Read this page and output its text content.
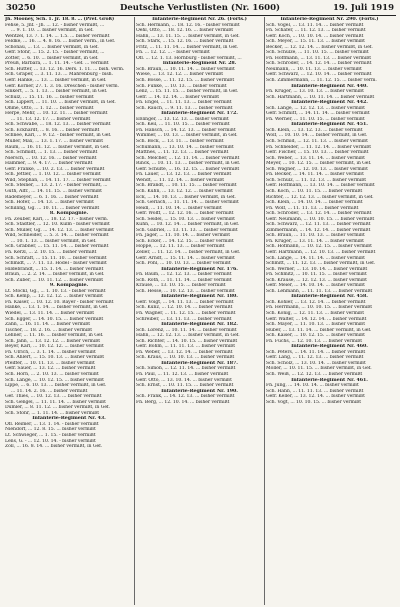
30250	Deutsche Verlustlisten (Nr. 1600)	19. Juli 1919
Jh. Mooney, Sch. 1. Jr. 18. 8. ... (Pref. Groß)
Fehse, 5. Jnf. - Jh. ... 12. - bisher vermißt, ...
... 9. 1. 10. ... bisher vermißt, in Gef.
Wentzel, 13. 7. 1. 14. ... 1.5. ... bisher vermißt
Feldke, ... 16. ... 4. 8. 16. ... bisher verm., in Gef.
Schönau, ... 13. ... bisher vermißt, in Gef.
Gefr. Stöhr, ... 15. 2. 15. - bisher vermißt, ...
Zotter, ... 6. 10. ... bisher vermißt, in Gef.
Preuß, Barbara, ... 1. 11. 14. - Gef. ... vermißt
Sch. Hutter, ... 13. 12. 16. Ders. 1. 11. ... bish. verm.
Sch. Gräper, ... 3. 11. 13. ... Mährenburg - bish.
Gefr. Hanke, ... 13. ... bisher vermißt, in Gef.
Gefr. Körner, 27. 1. 3. 16. Dreschen - bisher verm.
Sinkert, ... 5. 1. 13. ... bisher vermißt, in Gef.
Schulz, ... 15. 11. 16. ... bisher vermißt
Sch. Lippert, ... 11. 10. ... bisher vermißt, in Gef.
Ohme, Otto, ... 1. 12. ... bisher vermißt
Herpe, Mehr, ... 10. 12. 11. ... bisher vermißt
... 11. 13. 12. 17. ... bisher vermißt
Sch. Schwabe, ... 18. 12. 13. ... bisher vermißt
Sch. Eckhardt, ... 8. 16. ... bisher vermißt
Schnee, Karl, ... 9. 12. - bisher vermißt, in Gef.
Müller, Max, ... 13. 1. 17. ... bisher vermißt
Raum, ... 16. 11. 12. ... bisher vermißt, in Gef.
Sch. Schmidt, ... 1. 13. ... bisher vermißt
Niersch, ... 10. 12. 16. ... bisher vermißt
Hammer, ... 9. 4. 17. ... bisher vermißt
Gefr. Franke, ... 10. 2. 13. ... bisher vermißt
Sch. Jettler, ... 1. 10. 12. ... bisher vermißt
Wild, Stephan, ... 14. 11. 17. ... bisher vermißt
Sch. Steiner, ... 13. 2. 17. - bisher vermißt, ...
Guth, Alfr., ... 14. 11. 15. ... bisher vermißt
Rademeyer, ... 6. 1. 16. ... bisher vermißt
Sch. Höfer, ... 14. 13. ... bisher vermißt
Schilling, Gg. ... 10. 11. ... bisher vermißt
8. Kompagnie.
Fh. Zeuber, Karl, ... 18. 12. 17. - bisher verm.
Sch. Stadtler, ... 12. 10. Kulm - bisher vermißt
Sch. Müller, Gg. ... 14. 12. 13. ... bisher vermißt
Wild, Schneider, ... 5. 3. 14. ... bisher vermißt
... 10. 1. 13. ... bisher vermißt, in Gef.
Sch. Gräbner, ... 15. 11. 14. ... bisher vermißt
Fh. Kerzl, ... 2. 10. 15. ... bisher vermißt
Sch. Schraft, ... 15. 11. 10. ... bisher vermißt
Schmidt, ... 7. 11. 13. Hodel - bisher vermißt
Hildebrandt, ... 15. 1. 14. ... bisher vermißt
Braun, ... 2. 2. 14. ... bisher vermißt, in Gef.
Sch. Zuber, ... 10. 11. 12. ... bisher vermißt
9. Kompagnie.
Lt. Stöckl, Gg., ... 1. 10. 13. - bisher vermißt
Sch. Kemp, ... 12. 12. 12. ... bisher vermißt
Fh. Kaiser, ... 10. 12. 10. Bayer - bisher vermißt
Hanke, ... 13. 1. 14. ... bisher vermißt, in Gef.
Wiedel, ... 13. 11. 14. ... bisher vermißt
Sch. Egger, ... 14. 10. 15. ... bisher vermißt
Zahn, ... 16. 11. 14. ... bisher vermißt
Tischer, ... 18. 2. 16. ... bisher vermißt
Lehner, ... 11. 16. ... bisher vermißt, in Gef.
Sch. Jahn, ... 13. 12. 12. ... bisher vermißt
Beyer, Karl, ... 10. 12. 12. ... bisher vermißt
Fh. Ulrich, ... 3. 1. 14. ... bisher vermißt
Sch. Ahlert, ... 15. 10. 13. ... bisher vermißt
Pfeiffer, ... 10. 11. 13. ... bisher vermißt
Gefr. Sauer, ... 13. 12. ... bisher vermißt
Sch. Horn, ... 2. 10. 13. ... bisher vermißt
Sch. Lange, ... 10. 12. 15. ... bisher vermißt
Lippe, ... 6. 10. 13. ... bisher vermißt, in Gef.
... 11. 14. 2. 16. ... bisher vermißt
Gef. Thies, ... 10. 12. 13. ... bisher vermißt
Sch. Gengel, ... 11. 11. 14. ... bisher vermißt
Dümler, ... 8. 11. 12. ... bisher vermißt, in Gef.
Sch. Stöhr, ... 1. 11. 14. ... bisher vermißt
Infanterie-Regiment Nr. 43.
Ofl. Reimer, ... 13. 1. 14. - bisher vermißt
Niendorf, ... 12. 8. 15. ... bisher vermißt
Lt. Schwieger, ... 1. 15. - bisher vermißt
Lens, G. - ... 12. 10. 14. - bisher vermißt
Zoll, ... 16. 8. 14. ... bisher vermißt, in Gef.
Infanterie-Regiment Nr. 26. (Forts.)
Sch. Hermann, ... 18. 12. 16. - bisher vermißt
Oehl, Otto, ... 18. 12. 16. ... bisher vermißt
Hahn, ... 13. 11. 15. ... bisher vermißt, in Gef.
Sch. Stark, ... 15. 12. 16. ... bisher vermißt
Fritz, ... 11. 11. 14. ... bisher vermißt, in Gef.
Fh. ... 12. 12. ... - bisher vermißt
Ofl. ... 12. 1. 13. Hornburg - bisher vermißt, ...
Infanterie-Regiment Nr. 28.
Sch. Braun, ... 10. 11. 14. ... bisher vermißt
Wiese, ... 13. 12. 12. ... bisher vermißt
Sch. Bosse, ... 11. 12. 15. ... bisher vermißt
Sch. Funke, ... 10. 13. ... bisher vermißt
Lenz, ... 15. 11. 15. ... bisher vermißt, in Gef.
Gefr. ... 14. 12. 14. ... bisher vermißt
Fh. Engel, ... 11. 11. 13. ... bisher vermißt
Sch. Rauch, ... 9. 11. 13. ... bisher vermißt
Infanterie-Regiment Nr. 172.
Eßlinger, ... 13. 12. 13. ... bisher vermißt
Sch. Keil, ... 11. 10. 15. ... bisher vermißt
Fh. Hänsch, ... 14. 12. 13. ... bisher vermißt
Wimmer, ... 10. 13. ... bisher vermißt, in Gef.
Sch. Bock, ... 13. 11. ... bisher vermißt
Schumann, ... 13. 10. 14. ... bisher vermißt
Matthes, ... 11. 12. 13. ... bisher vermißt
Sch. Melcher, ... 12. 11. 14. ... bisher vermißt
Rinck, ... 10. 11. 13. ... bisher vermißt, in Gef.
Gefr. Schulte, ... 16. 12. 15. ... bisher vermißt
Fh. Lauer, ... 13. 12. 13. ... bisher vermißt
Wendt, ... 11. 12. 14. ... bisher vermißt
Sch. Brandt, ... 10. 11. 15. ... bisher vermißt
Sch. Kühn, ... 13. 12. 12. ... bisher vermißt
Eck, ... 14. 10. 13. ... bisher vermißt, in Gef.
Sch. Gerlach, ... 11. 11. 14. ... bisher vermißt
Heidl, ... 11. 10. 14. ... bisher vermißt
Gefr. Wolff, ... 12. 12. 16. ... bisher vermißt
Sch. Seidel, ... 15. 10. 13. ... bisher vermißt
Kuhn, ... 10. 12. 14. ... bisher vermißt, in Gef.
Sch. Gabriel, ... 13. 11. 13. ... bisher vermißt
Fh. Jäger, ... 11. 10. 14. ... bisher vermißt
Sch. Ecker, ... 14. 12. 15. ... bisher vermißt
Hoppe, ... 12. 11. 13. ... bisher vermißt
Zeller, ... 11. 12. 14. ... bisher vermißt, in Gef.
Gefr. Arndt, ... 15. 11. 14. ... bisher vermißt
Sch. Pohl, ... 10. 10. 13. ... bisher vermißt
Infanterie-Regiment Nr. 176.
Fh. Baum, ... 12. 12. 13. ... bisher vermißt
Sch. Roth, ... 11. 11. 14. ... bisher vermißt
Krause, ... 13. 10. 15. ... bisher vermißt
Sch. Hesse, ... 10. 12. 13. ... bisher vermißt
Infanterie-Regiment Nr. 180.
Gefr. Voigt, ... 14. 11. 13. ... bisher vermißt
Sch. Kunz, ... 12. 10. 14. ... bisher vermißt
Fh. Wagner, ... 11. 12. 15. ... bisher vermißt
Schreiber, ... 13. 11. 13. ... bisher vermißt
Infanterie-Regiment Nr. 182.
Sch. Lorenz, ... 10. 11. 14. ... bisher vermißt
Hahn, ... 12. 12. 13. ... bisher vermißt, in Gef.
Sch. Richter, ... 14. 10. 15. ... bisher vermißt
Gefr. Böhm, ... 11. 11. 13. ... bisher vermißt
Fh. Weber, ... 13. 12. 14. ... bisher vermißt
Sch. Kraus, ... 10. 10. 13. ... bisher vermißt
Infanterie-Regiment Nr. 187.
Sch. Simon, ... 12. 11. 14. ... bisher vermißt
Fh. Paul, ... 11. 12. 13. ... bisher vermißt
Gefr. Otto, ... 13. 10. 14. ... bisher vermißt
Sch. Ernst, ... 10. 11. 15. ... bisher vermißt
Infanterie-Regiment Nr. 190.
Sch. Frank, ... 14. 12. 13. ... bisher vermißt
Fh. Berg, ... 12. 10. 14. ... bisher vermißt
Infanterie-Regiment Nr. 290. (Forts.)
Sch. Vogel, ... 13. 11. 14. ... bisher vermißt
Fh. Schäfer, ... 11. 12. 13. ... bisher vermißt
Gefr. Koch, ... 10. 10. 14. ... bisher vermißt
Sch. Meyer, ... 15. 11. 13. ... bisher vermißt
Becker, ... 12. 12. 14. ... bisher vermißt, in Gef.
Sch. Schulze, ... 11. 10. 15. ... bisher vermißt
Fh. Hoffmann, ... 13. 11. 13. ... bisher vermißt
Sch. Schröder, ... 14. 12. 14. ... bisher vermißt
Neumann, ... 10. 11. 13. ... bisher vermißt
Gefr. Schwarz, ... 12. 10. 14. ... bisher vermißt
Sch. Zimmermann, ... 11. 12. 15. ... bisher verm.
Infanterie-Regiment Nr. 440.
Fh. Krüger, ... 13. 10. 13. ... bisher vermißt
Sch. Hartmann, ... 10. 11. 14. ... bisher vermißt
Infanterie-Regiment Nr. 442.
Sch. Lange, ... 12. 12. 13. ... bisher vermißt
Gefr. Schmitt, ... 14. 11. 14. ... bisher vermißt
Fh. Werner, ... 11. 10. 15. ... bisher vermißt
Infanterie-Regiment Nr. 451.
Sch. Klein, ... 13. 12. 13. ... bisher vermißt
Wolf, ... 10. 10. 14. ... bisher vermißt, in Gef.
Sch. Schmid, ... 12. 11. 13. ... bisher vermißt
Fh. Schneider, ... 11. 12. 14. ... bisher vermißt
Gefr. Fischer, ... 15. 10. 13. ... bisher vermißt
Sch. Weber, ... 13. 11. 14. ... bisher vermißt
Meyer, ... 10. 12. 15. ... bisher vermißt, in Gef.
Sch. Wagner, ... 12. 10. 13. ... bisher vermißt
Fh. Becker, ... 14. 11. 14. ... bisher vermißt
Sch. Schulz, ... 11. 12. 13. ... bisher vermißt
Gefr. Hoffmann, ... 13. 10. 14. ... bisher vermißt
Sch. Koch, ... 10. 11. 15. ... bisher vermißt
Richter, ... 12. 12. 13. ... bisher vermißt, in Gef.
Sch. Klein, ... 14. 10. 14. ... bisher vermißt
Fh. Wolf, ... 11. 11. 13. ... bisher vermißt
Sch. Schröder, ... 13. 12. 14. ... bisher vermißt
Gefr. Neumann, ... 10. 10. 15. ... bisher vermißt
Sch. Schwarz, ... 12. 11. 13. ... bisher vermißt
Zimmermann, ... 14. 12. 14. ... bisher vermißt
Sch. Braun, ... 11. 10. 13. ... bisher vermißt
Fh. Krüger, ... 13. 11. 14. ... bisher vermißt
Sch. Hofmann, ... 10. 12. 15. ... bisher vermißt
Gefr. Hartmann, ... 12. 10. 13. ... bisher vermißt
Sch. Lange, ... 14. 11. 14. ... bisher vermißt
Schmitt, ... 11. 12. 13. ... bisher vermißt, in Gef.
Sch. Werner, ... 13. 10. 14. ... bisher vermißt
Fh. Schmitz, ... 10. 11. 15. ... bisher vermißt
Sch. Krause, ... 12. 12. 13. ... bisher vermißt
Gefr. Meier, ... 14. 10. 14. ... bisher vermißt
Sch. Lehmann, ... 11. 11. 13. ... bisher vermißt
Infanterie-Regiment Nr. 458.
Sch. Köhler, ... 13. 12. 14. ... bisher vermißt
Fh. Herrmann, ... 10. 10. 15. ... bisher vermißt
Sch. König, ... 12. 11. 13. ... bisher vermißt
Gefr. Walter, ... 14. 12. 14. ... bisher vermißt
Sch. Mayer, ... 11. 10. 13. ... bisher vermißt
Huber, ... 13. 11. 14. ... bisher vermißt, in Gef.
Sch. Kaiser, ... 10. 12. 15. ... bisher vermißt
Fh. Fuchs, ... 12. 10. 13. ... bisher vermißt
Infanterie-Regiment Nr. 460.
Sch. Peters, ... 14. 11. 14. ... bisher vermißt
Gefr. Lang, ... 11. 12. 13. ... bisher vermißt
Sch. Scholz, ... 13. 10. 14. ... bisher vermißt
Möller, ... 10. 11. 15. ... bisher vermißt, in Gef.
Sch. Weiß, ... 12. 12. 13. ... bisher vermißt
Infanterie-Regiment Nr. 461.
Fh. Jung, ... 14. 10. 14. ... bisher vermißt
Sch. Hahn, ... 11. 11. 13. ... bisher vermißt
Gefr. Keller, ... 13. 12. 14. ... bisher vermißt
Sch. Vogt, ... 10. 10. 15. ... bisher vermißt
